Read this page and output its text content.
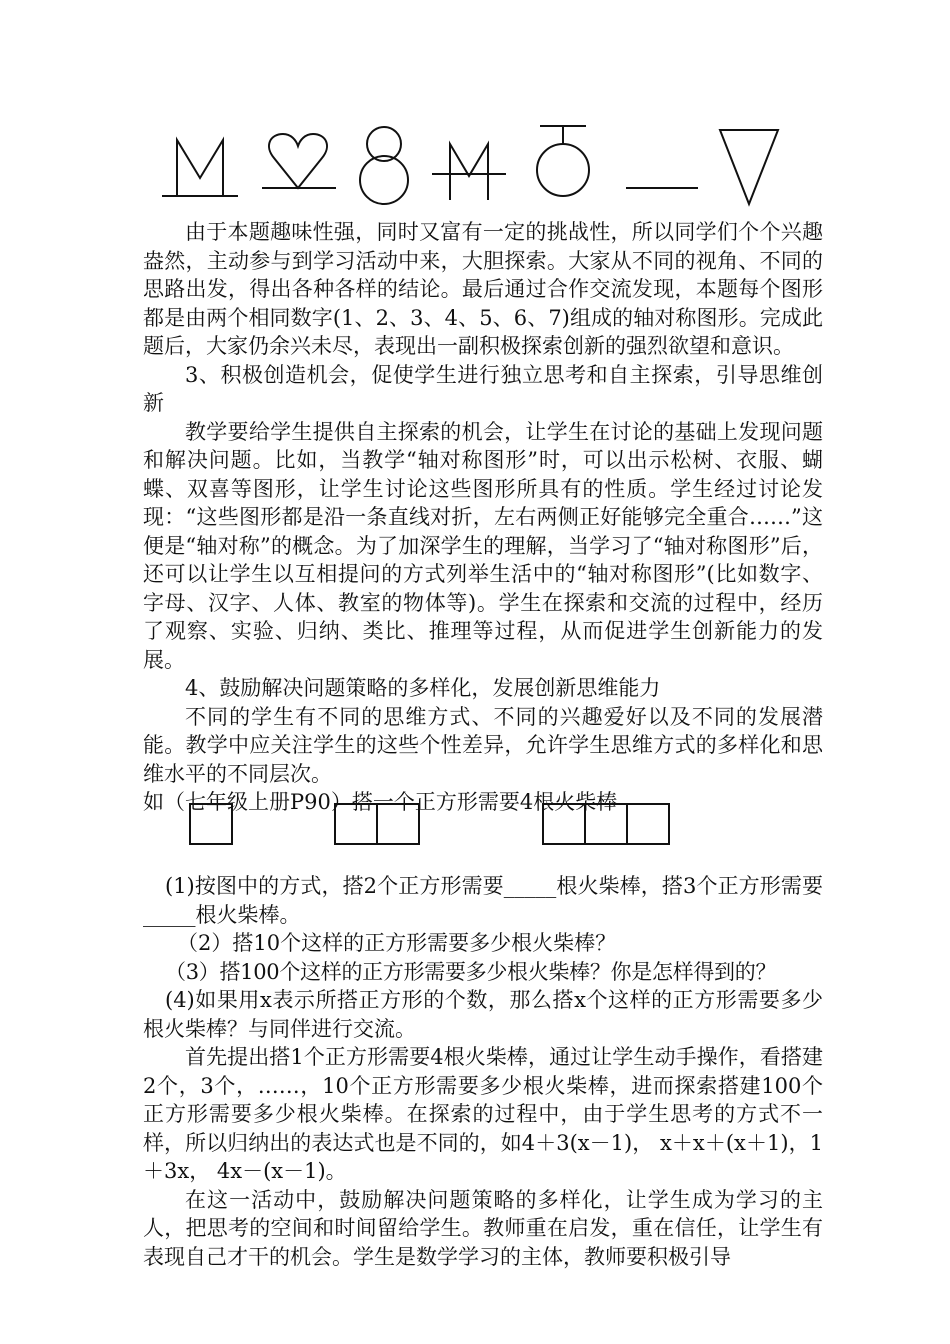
由于本题趣味性强，同时又富有一定的挑战性，所以同学们个个兴趣盎然，主动参与到学习活动中来，大胆探索。大家从不同的视角、不同的思路出发，得出各种各样的结论。最后通过合作交流发现，本题每个图形都是由两个相同数字(1、2、3、4、5、6、7)组成的轴对称图形。完成此题后，大家仍余兴未尽，表现出一副积极探索创新的强烈欲望和意识。

3、积极创造机会，促使学生进行独立思考和自主探索，引导思维创新

教学要给学生提供自主探索的机会，让学生在讨论的基础上发现问题和解决问题。比如，当教学“轴对称图形”时，可以出示松树、衣服、蝴蝶、双喜等图形，让学生讨论这些图形所具有的性质。学生经过讨论发现：“这些图形都是沿一条直线对折，左右两侧正好能够完全重合……”这便是“轴对称”的概念。为了加深学生的理解，当学习了“轴对称图形”后，还可以让学生以互相提问的方式列举生活中的“轴对称图形”(比如数字、字母、汉字、人体、教室的物体等)。学生在探索和交流的过程中，经历了观察、实验、归纳、类比、推理等过程，从而促进学生创新能力的发展。

4、鼓励解决问题策略的多样化，发展创新思维能力

不同的学生有不同的思维方式、不同的兴趣爱好以及不同的发展潜能。教学中应关注学生的这些个性差异，允许学生思维方式的多样化和思维水平的不同层次。

如（七年级上册P90）搭一个正方形需要4根火柴棒

(1)按图中的方式，搭2个正方形需要_____根火柴棒，搭3个正方形需要_____根火柴棒。

（2）搭10个这样的正方形需要多少根火柴棒？

（3）搭100个这样的正方形需要多少根火柴棒？你是怎样得到的？

(4)如果用x表示所搭正方形的个数，那么搭x个这样的正方形需要多少根火柴棒？与同伴进行交流。

首先提出搭1个正方形需要4根火柴棒，通过让学生动手操作，看搭建2个，3个，……，10个正方形需要多少根火柴棒，进而探索搭建100个正方形需要多少根火柴棒。在探索的过程中，由于学生思考的方式不一样，所以归纳出的表达式也是不同的，如4＋3(x－1)， x＋x＋(x＋1)，1＋3x， 4x－(x－1)。

在这一活动中，鼓励解决问题策略的多样化，让学生成为学习的主人，把思考的空间和时间留给学生。教师重在启发，重在信任，让学生有表现自己才干的机会。学生是数学学习的主体，教师要积极引导
